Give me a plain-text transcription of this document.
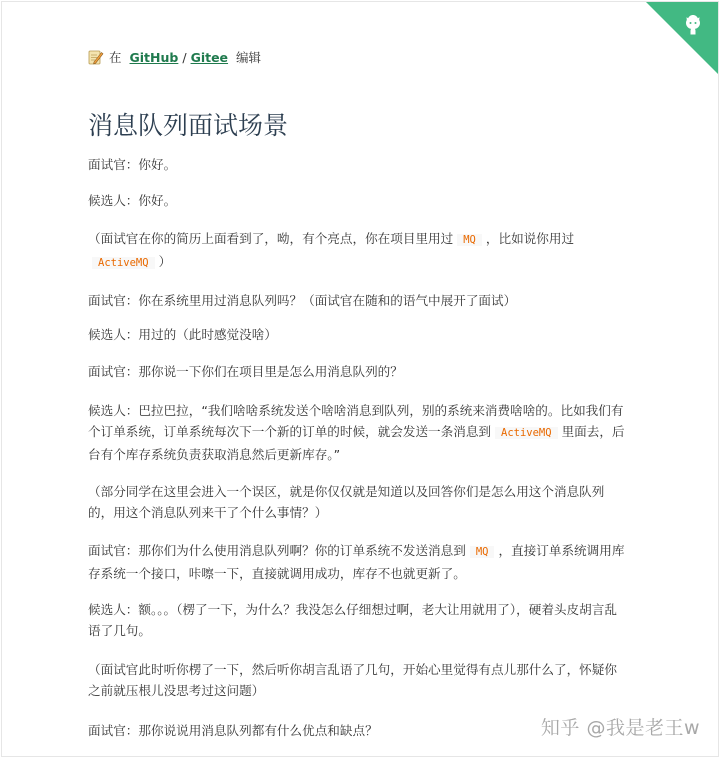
在 GitHub / Gitee 编辑
消息队列面试场景

面试官：你好。

候选人：你好。

（面试官在你的简历上面看到了，呦，有个亮点，你在项目里用过 MQ ，比如说你用过
ActiveMQ ）

面试官：你在系统里用过消息队列吗？（面试官在随和的语气中展开了面试）

候选人：用过的（此时感觉没啥）

面试官：那你说一下你们在项目里是怎么用消息队列的？

候选人：巴拉巴拉，“我们啥啥系统发送个啥啥消息到队列，别的系统来消费啥啥的。比如我们有个订单系统，订单系统每次下一个新的订单的时候，就会发送一条消息到 ActiveMQ 里面去，后台有个库存系统负责获取消息然后更新库存。”

（部分同学在这里会进入一个误区，就是你仅仅就是知道以及回答你们是怎么用这个消息队列的，用这个消息队列来干了个什么事情？）

面试官：那你们为什么使用消息队列啊？你的订单系统不发送消息到 MQ ，直接订单系统调用库存系统一个接口，咔嚓一下，直接就调用成功，库存不也就更新了。

候选人：额。。。（楞了一下，为什么？我没怎么仔细想过啊，老大让用就用了），硬着头皮胡言乱语了几句。

（面试官此时听你楞了一下，然后听你胡言乱语了几句，开始心里觉得有点儿那什么了，怀疑你之前就压根儿没思考过这问题）

面试官：那你说说用消息队列都有什么优点和缺点？	知乎 @我是老王w
